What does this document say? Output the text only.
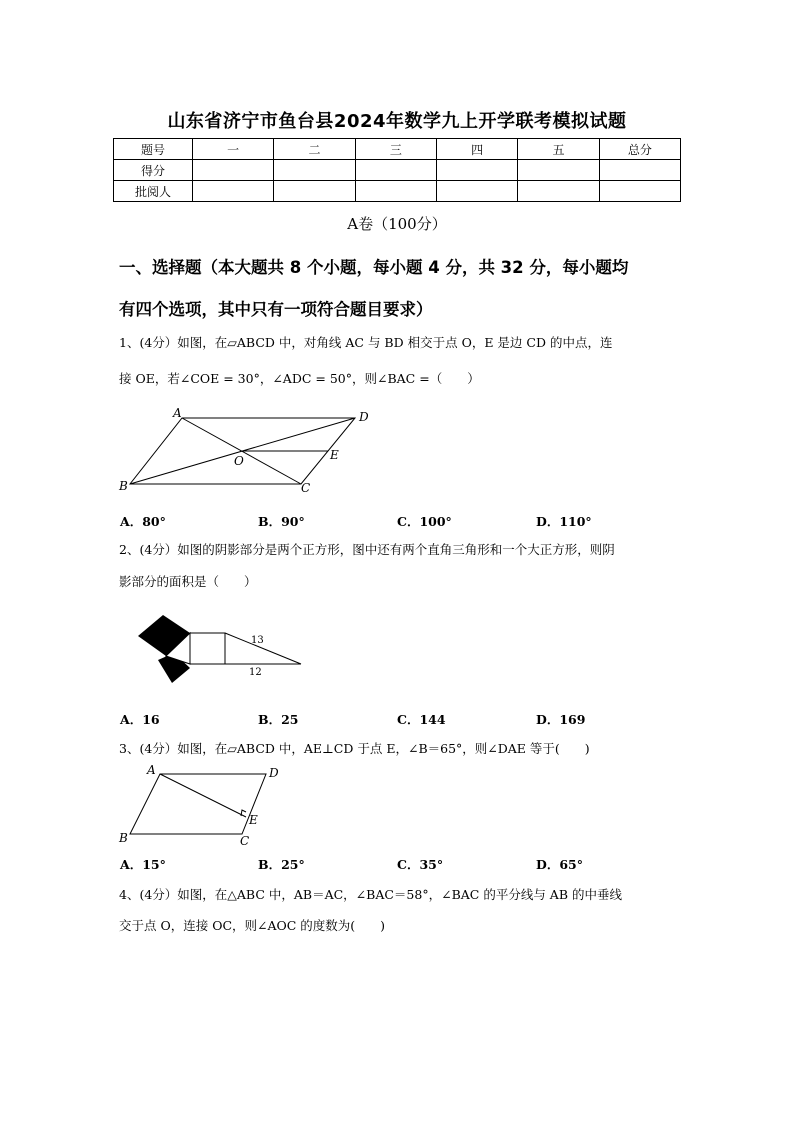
山东省济宁市鱼台县2024年数学九上开学联考模拟试题
题号	一	二	三	四	五	总分
得分						
批阅人						
A卷（100分）
一、选择题（本大题共 8 个小题，每小题 4 分，共 32 分，每小题均
有四个选项，其中只有一项符合题目要求）
1、(4分）如图，在▱ABCD 中，对角线 AC 与 BD 相交于点 O，E 是边 CD 的中点，连
接 OE，若∠COE = 30°，∠ADC = 50°，则∠BAC =（　　）
A	D
O	E
B	C
A．80°	B．90°	C．100°	D．110°
2、(4分）如图的阴影部分是两个正方形，图中还有两个直角三角形和一个大正方形，则阴
影部分的面积是（　　）
13
12
A．16	B．25	C．144	D．169
3、(4分）如图，在▱ABCD 中，AE⊥CD 于点 E，∠B＝65°，则∠DAE 等于(　　)
A	D
E
B	C
A．15°	B．25°	C．35°	D．65°
4、(4分）如图，在△ABC 中，AB＝AC，∠BAC＝58°，∠BAC 的平分线与 AB 的中垂线
交于点 O，连接 OC，则∠AOC 的度数为(　　)
